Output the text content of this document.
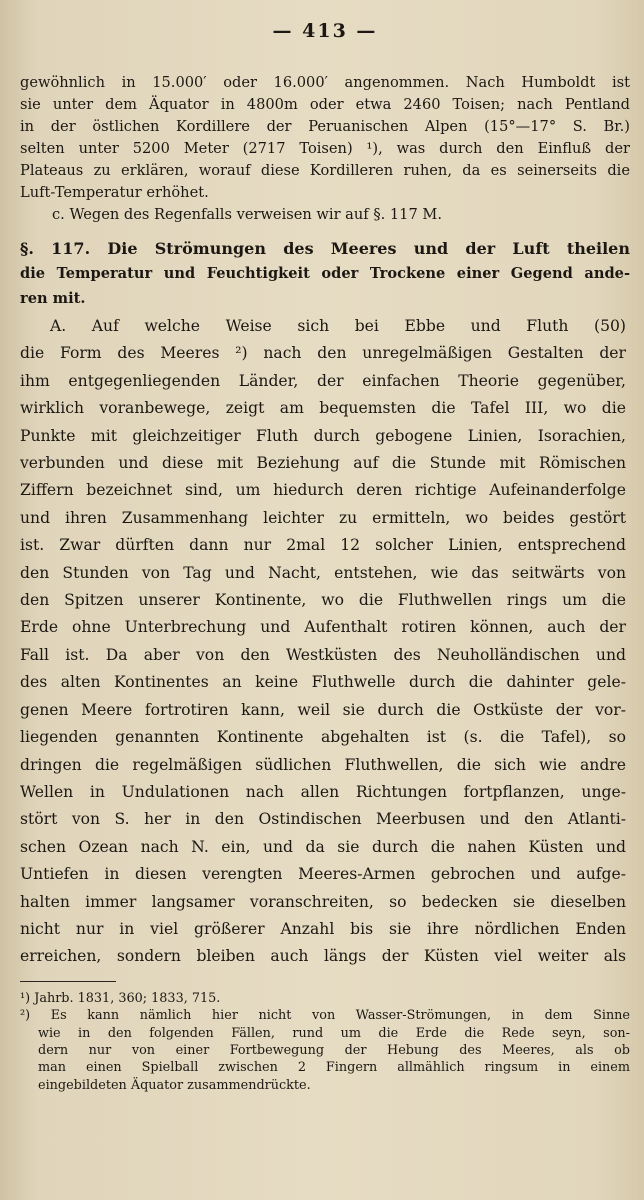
— 413 —
gewöhnlich in 15.000′ oder 16.000′ angenommen. Nach Humboldt ist
sie unter dem Äquator in 4800m oder etwa 2460 Toisen; nach Pentland
in der östlichen Kordillere der Peruanischen Alpen (15°—17° S. Br.)
selten unter 5200 Meter (2717 Toisen) ¹), was durch den Einfluß der
Plateaus zu erklären, worauf diese Kordilleren ruhen, da es seinerseits die
Luft-Temperatur erhöhet.
c. Wegen des Regenfalls verweisen wir auf §. 117 M.
§. 117. Die Strömungen des Meeres und der Luft theilen
die Temperatur und Feuchtigkeit oder Trockene einer Gegend ande-
ren mit.
A. Auf welche Weise sich bei Ebbe und Fluth (50)
die Form des Meeres ²) nach den unregelmäßigen Gestalten der
ihm entgegenliegenden Länder, der einfachen Theorie gegenüber,
wirklich voranbewege, zeigt am bequemsten die Tafel III, wo die
Punkte mit gleichzeitiger Fluth durch gebogene Linien, Isorachien,
verbunden und diese mit Beziehung auf die Stunde mit Römischen
Ziffern bezeichnet sind, um hiedurch deren richtige Aufeinanderfolge
und ihren Zusammenhang leichter zu ermitteln, wo beides gestört
ist. Zwar dürften dann nur 2mal 12 solcher Linien, entsprechend
den Stunden von Tag und Nacht, entstehen, wie das seitwärts von
den Spitzen unserer Kontinente, wo die Fluthwellen rings um die
Erde ohne Unterbrechung und Aufenthalt rotiren können, auch der
Fall ist. Da aber von den Westküsten des Neuholländischen und
des alten Kontinentes an keine Fluthwelle durch die dahinter gele-
genen Meere fortrotiren kann, weil sie durch die Ostküste der vor-
liegenden genannten Kontinente abgehalten ist (s. die Tafel), so
dringen die regelmäßigen südlichen Fluthwellen, die sich wie andre
Wellen in Undulationen nach allen Richtungen fortpflanzen, unge-
stört von S. her in den Ostindischen Meerbusen und den Atlanti-
schen Ozean nach N. ein, und da sie durch die nahen Küsten und
Untiefen in diesen verengten Meeres-Armen gebrochen und aufge-
halten immer langsamer voranschreiten, so bedecken sie dieselben
nicht nur in viel größerer Anzahl bis sie ihre nördlichen Enden
erreichen, sondern bleiben auch längs der Küsten viel weiter als
¹) Jahrb. 1831, 360; 1833, 715.
²) Es kann nämlich hier nicht von Wasser-Strömungen, in dem Sinne
wie in den folgenden Fällen, rund um die Erde die Rede seyn, son-
dern nur von einer Fortbewegung der Hebung des Meeres, als ob
man einen Spielball zwischen 2 Fingern allmählich ringsum in einem
eingebildeten Äquator zusammendrückte.
